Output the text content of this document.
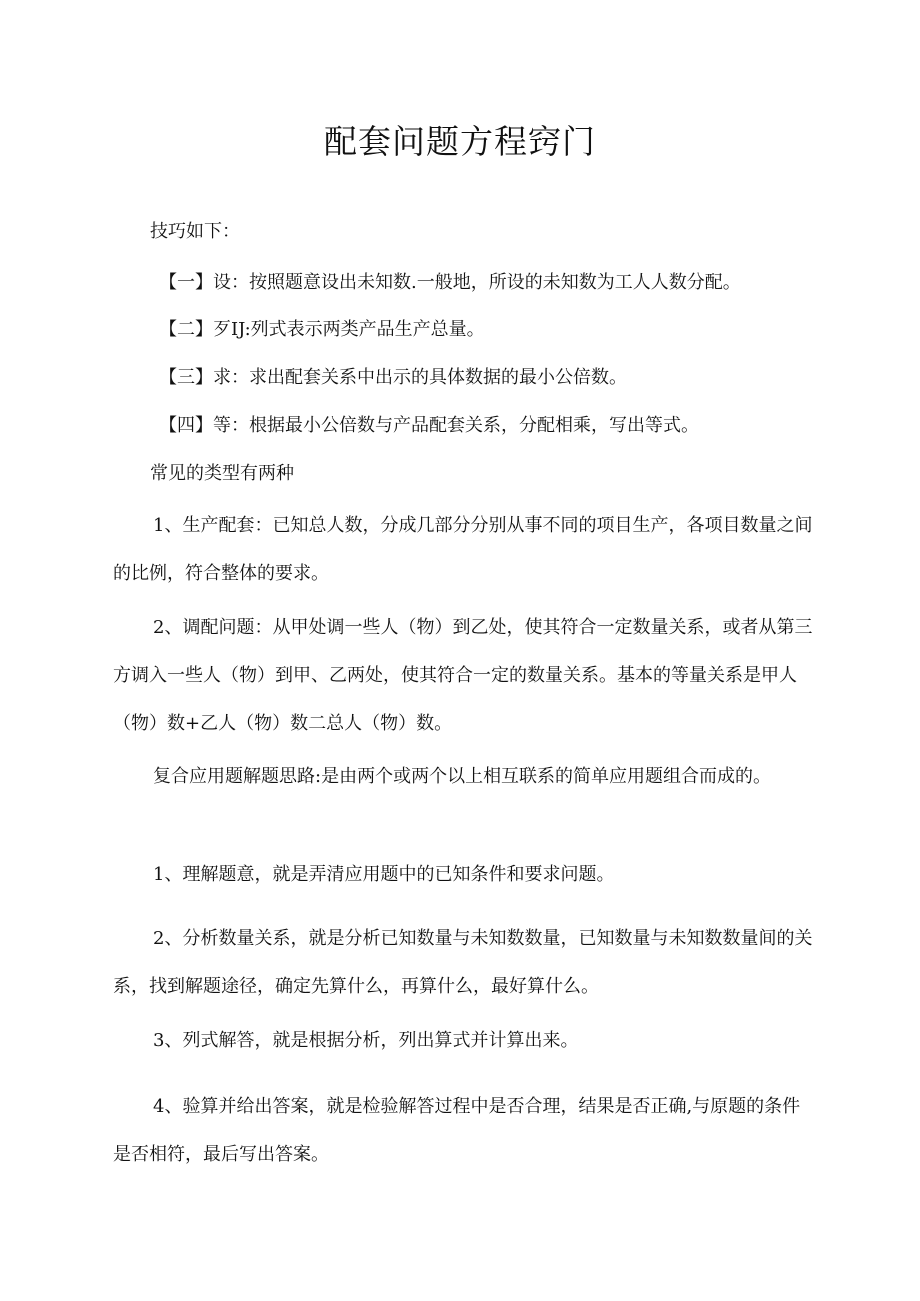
配套问题方程窍门

技巧如下：

【一】设：按照题意设出未知数.一般地，所设的未知数为工人人数分配。

【二】歹IJ:列式表示两类产品生产总量。

【三】求：求出配套关系中出示的具体数据的最小公倍数。

【四】等：根据最小公倍数与产品配套关系，分配相乘，写出等式。

常见的类型有两种

1、生产配套：已知总人数，分成几部分分别从事不同的项目生产，各项目数量之间的比例，符合整体的要求。

2、调配问题：从甲处调一些人（物）到乙处，使其符合一定数量关系，或者从第三方调入一些人（物）到甲、乙两处，使其符合一定的数量关系。基本的等量关系是甲人（物）数+乙人（物）数二总人（物）数。

复合应用题解题思路:是由两个或两个以上相互联系的简单应用题组合而成的。

1、理解题意，就是弄清应用题中的已知条件和要求问题。

2、分析数量关系，就是分析已知数量与未知数数量，已知数量与未知数数量间的关系，找到解题途径，确定先算什么，再算什么，最好算什么。

3、列式解答，就是根据分析，列出算式并计算出来。

4、验算并给出答案，就是检验解答过程中是否合理，结果是否正确,与原题的条件是否相符，最后写出答案。
